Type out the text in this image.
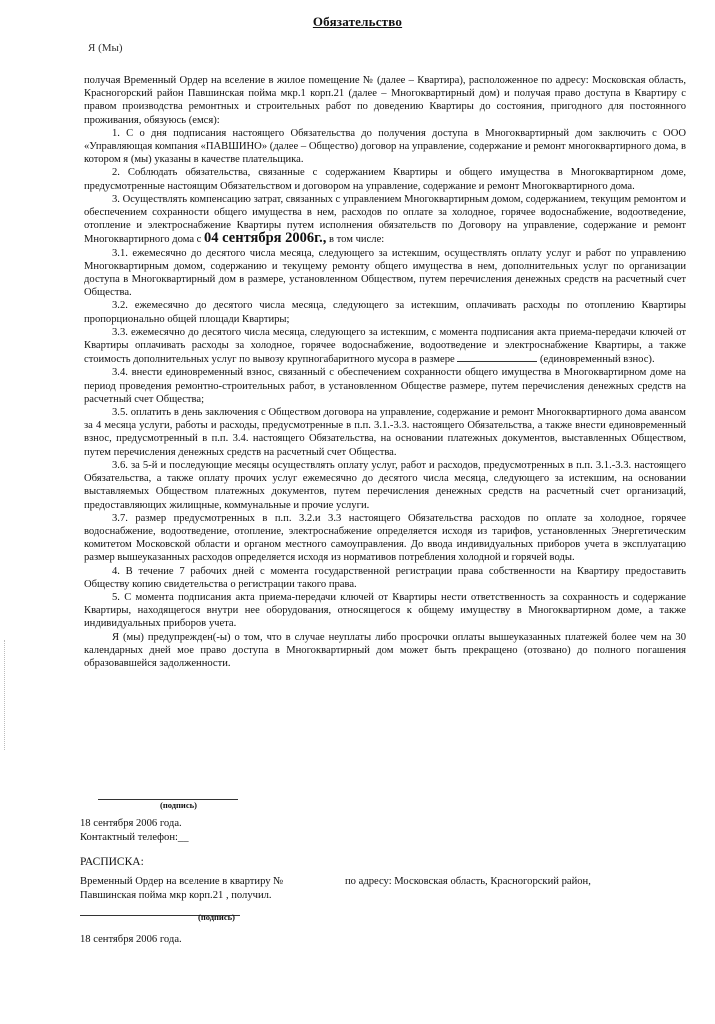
Обязательство
Я (Мы)

получая Временный Ордер на вселение в жилое помещение № (далее – Квартира), расположенное по адресу: Московская область, Красногорский район Павшинская пойма мкр.1 корп.21 (далее – Многоквартирный дом) и получая право доступа в Квартиру с правом производства ремонтных и строительных работ по доведению Квартиры до состояния, пригодного для постоянного проживания, обязуюсь (емся):

1. С о дня подписания настоящего Обязательства до получения доступа в Многоквартирный дом заключить с ООО «Управляющая компания «ПАВШИНО» (далее – Общество) договор на управление, содержание и ремонт многоквартирного дома, в котором я (мы) указаны в качестве плательщика.

2. Соблюдать обязательства, связанные с содержанием Квартиры и общего имущества в Многоквартирном доме, предусмотренные настоящим Обязательством и договором на управление, содержание и ремонт Многоквартирного дома.

3. Осуществлять компенсацию затрат, связанных с управлением Многоквартирным домом, содержанием, текущим ремонтом и обеспечением сохранности общего имущества в нем, расходов по оплате за холодное, горячее водоснабжение, водоотведение, отопление и электроснабжение Квартиры путем исполнения обязательств по Договору на управление, содержание и ремонт Многоквартирного дома с 04 сентября 2006г., в том числе:

3.1. ежемесячно до десятого числа месяца, следующего за истекшим, осуществлять оплату услуг и работ по управлению Многоквартирным домом, содержанию и текущему ремонту общего имущества в нем, дополнительных услуг по организации доступа в Многоквартирный дом в размере, установленном Обществом, путем перечисления денежных средств на расчетный счет Общества.

3.2. ежемесячно до десятого числа месяца, следующего за истекшим, оплачивать расходы по отоплению Квартиры пропорционально общей площади Квартиры;

3.3. ежемесячно до десятого числа месяца, следующего за истекшим, с момента подписания акта приема-передачи ключей от Квартиры оплачивать расходы за холодное, горячее водоснабжение, водоотведение и электроснабжение Квартиры, а также стоимость дополнительных услуг по вывозу крупногабаритного мусора в размере	(единовременный взнос).

3.4. внести единовременный взнос, связанный с обеспечением сохранности общего имущества в Многоквартирном доме на период проведения ремонтно-строительных работ, в установленном Обществе размере, путем перечисления денежных средств на расчетный счет Общества;

3.5. оплатить в день заключения с Обществом договора на управление, содержание и ремонт Многоквартирного дома авансом за 4 месяца услуги, работы и расходы, предусмотренные в п.п. 3.1.-3.3. настоящего Обязательства, а также внести единовременный взнос, предусмотренный в п.п. 3.4. настоящего Обязательства, на основании платежных документов, выставленных Обществом, путем перечисления денежных средств на расчетный счет Общества.

3.6. за 5-й и последующие месяцы осуществлять оплату услуг, работ и расходов, предусмотренных в п.п. 3.1.-3.3. настоящего Обязательства, а также оплату прочих услуг ежемесячно до десятого числа месяца, следующего за истекшим, на основании выставляемых Обществом платежных документов, путем перечисления денежных средств на расчетный счет организаций, предоставляющих жилищные, коммунальные и прочие услуги.

3.7. размер предусмотренных в п.п. 3.2.и 3.3 настоящего Обязательства расходов по оплате за холодное, горячее водоснабжение, водоотведение, отопление, электроснабжение определяется исходя из тарифов, установленных Энергетическим комитетом Московской области и органом местного самоуправления. До ввода индивидуальных приборов учета в эксплуатацию размер вышеуказанных расходов определяется исходя из нормативов потребления холодной и горячей воды.

4. В течение 7 рабочих дней с момента государственной регистрации права собственности на Квартиру предоставить Обществу копию свидетельства о регистрации такого права.

5. С момента подписания акта приема-передачи ключей от Квартиры нести ответственность за сохранность и содержание Квартиры, находящегося внутри нее оборудования, относящегося к общему имуществу в Многоквартирном доме, а также индивидуальных приборов учета.

Я (мы) предупрежден(-ы) о том, что в случае неуплаты либо просрочки оплаты вышеуказанных платежей более чем на 30 календарных дней мое право доступа в Многоквартирный дом может быть прекращено (отозвано) до полного погашения образовавшейся задолженности.

(подпись)
18 сентября 2006 года.
Контактный телефон:__
РАСПИСКА:
Временный Ордер на вселение в квартиру №	по адресу: Московская область, Красногорский район,
Павшинская пойма мкр корп.21 , получил.
(подпись)
18 сентября 2006 года.
